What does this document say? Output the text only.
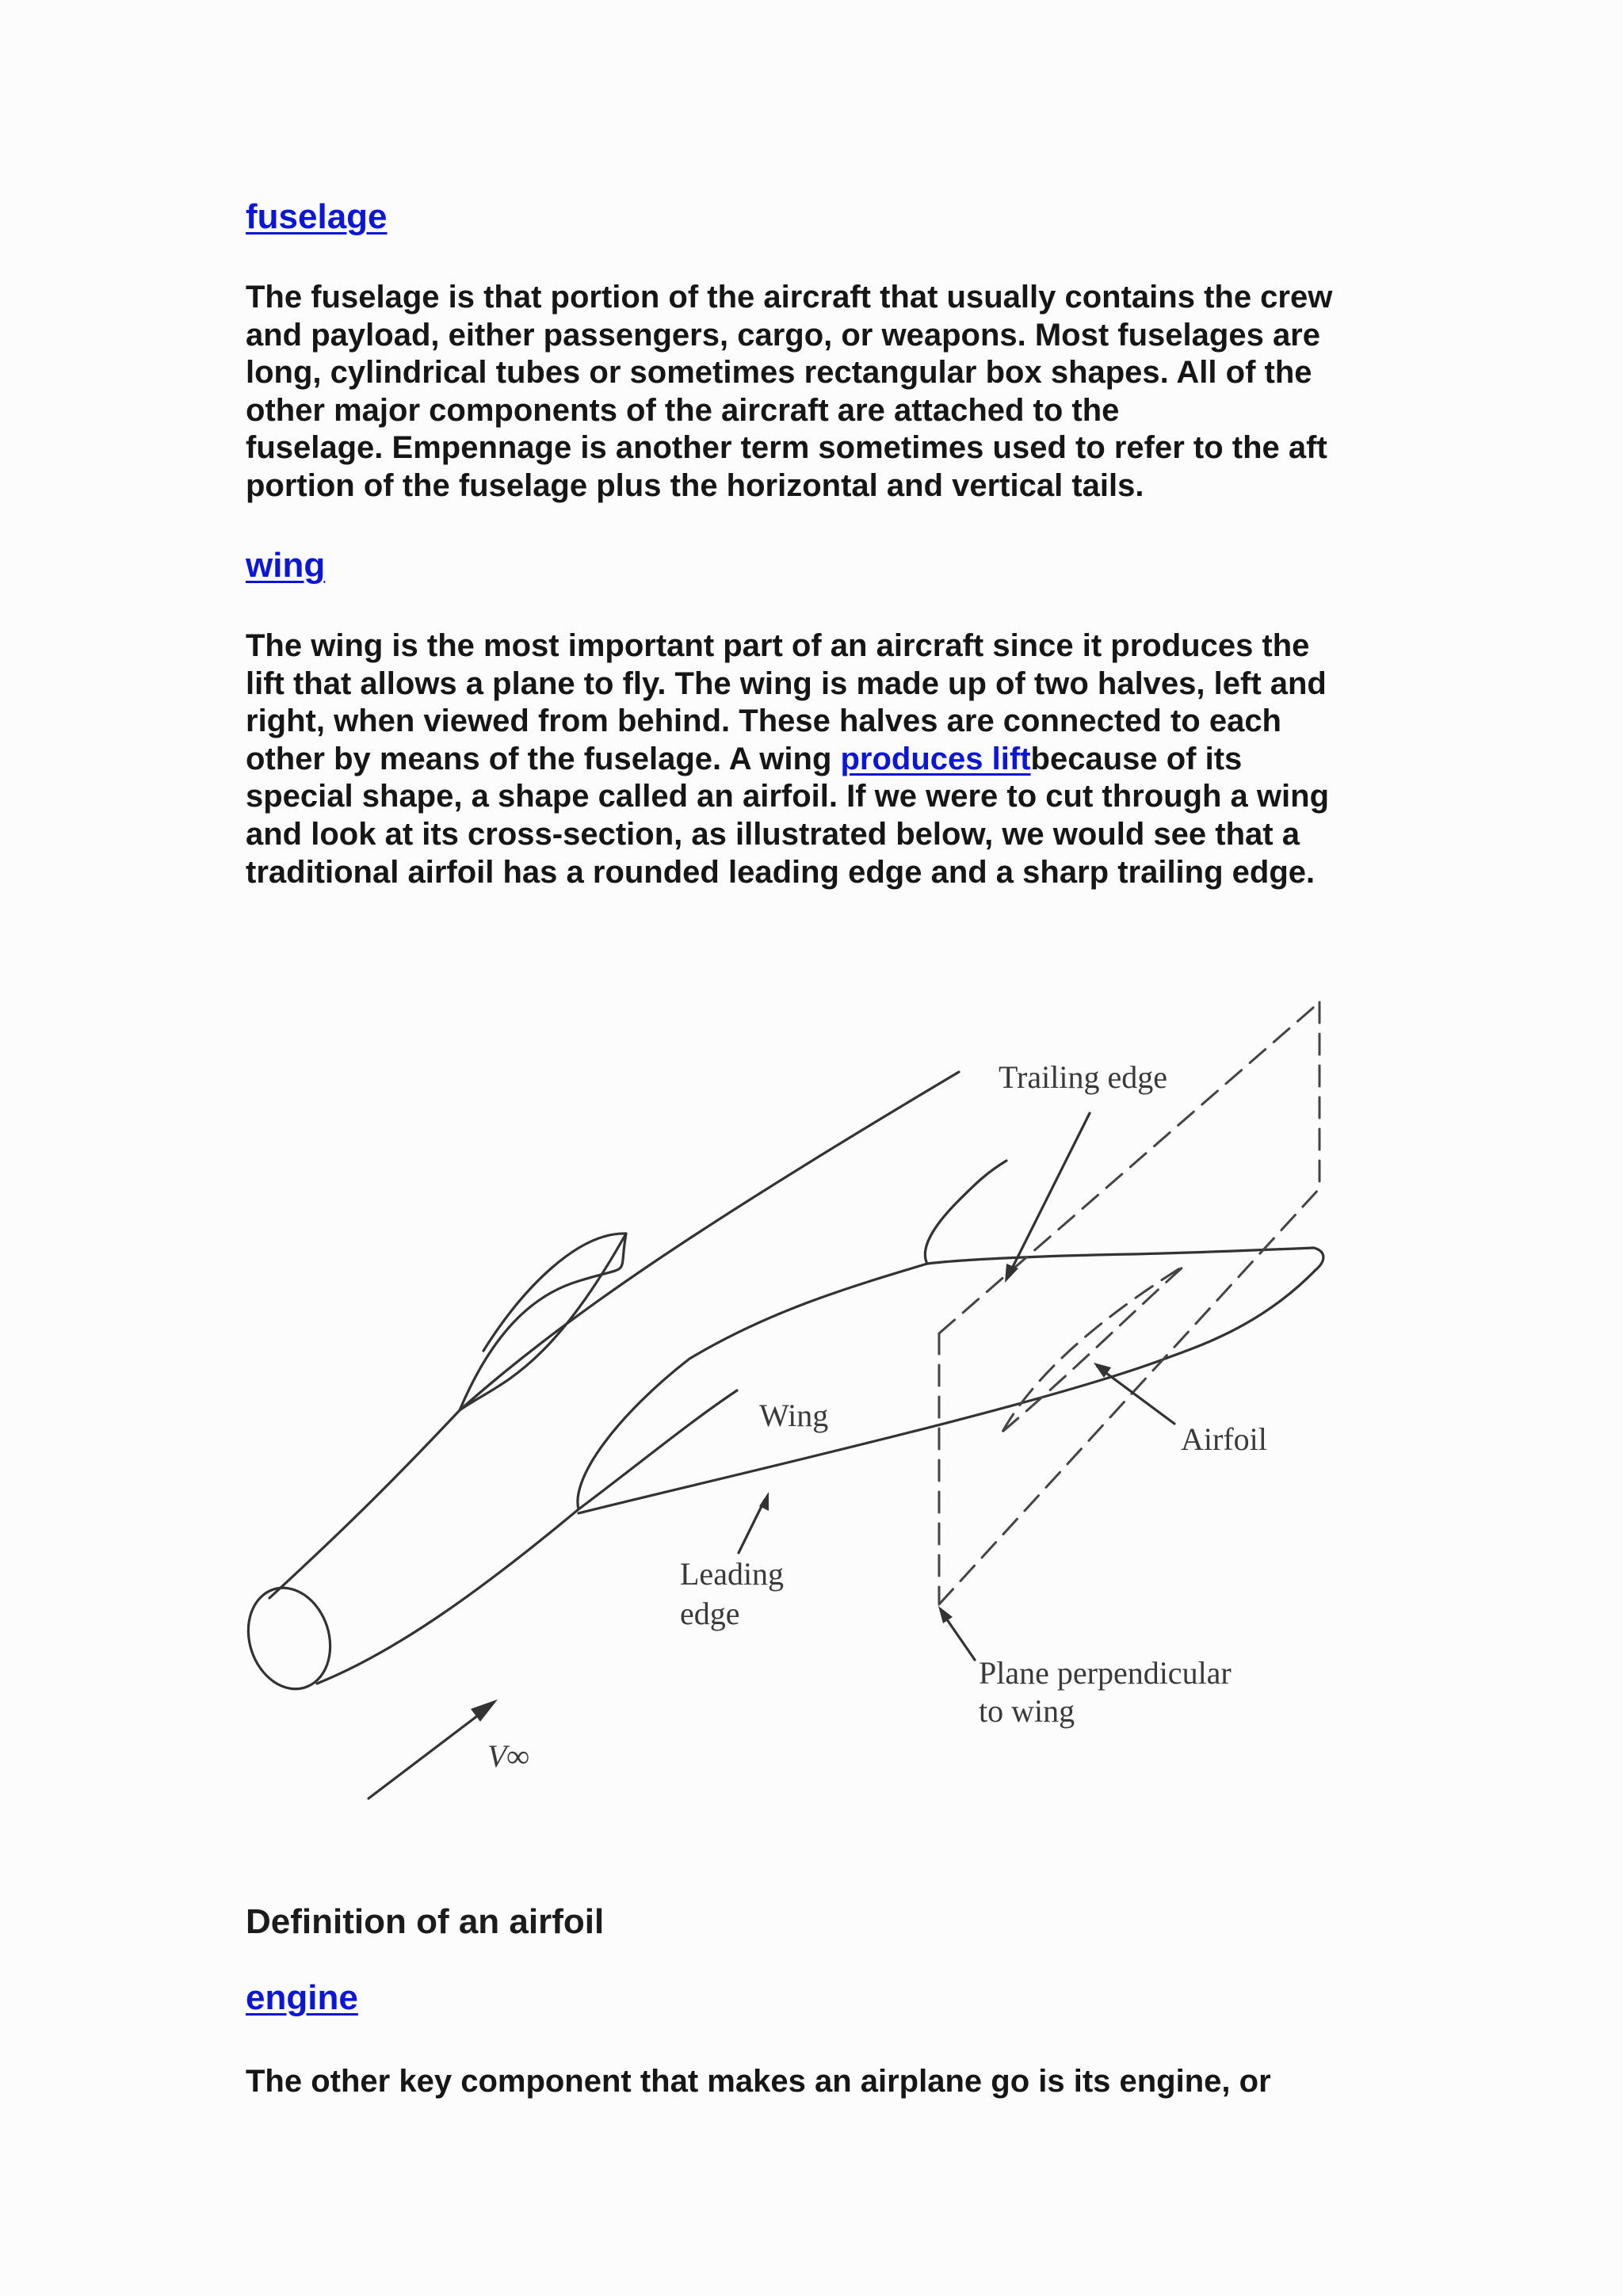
fuselage

The fuselage is that portion of the aircraft that usually contains the crew
and payload, either passengers, cargo, or weapons. Most fuselages are
long, cylindrical tubes or sometimes rectangular box shapes. All of the
other major components of the aircraft are attached to the
fuselage. Empennage is another term sometimes used to refer to the aft
portion of the fuselage plus the horizontal and vertical tails.

wing

The wing is the most important part of an aircraft since it produces the
lift that allows a plane to fly. The wing is made up of two halves, left and
right, when viewed from behind. These halves are connected to each
other by means of the fuselage. A wing produces liftbecause of its
special shape, a shape called an airfoil. If we were to cut through a wing
and look at its cross-section, as illustrated below, we would see that a
traditional airfoil has a rounded leading edge and a sharp trailing edge.

Definition of an airfoil
engine

The other key component that makes an airplane go is its engine, or

Trailing edge
Wing
Airfoil
Leading
edge
Plane perpendicular
to wing
V∞
